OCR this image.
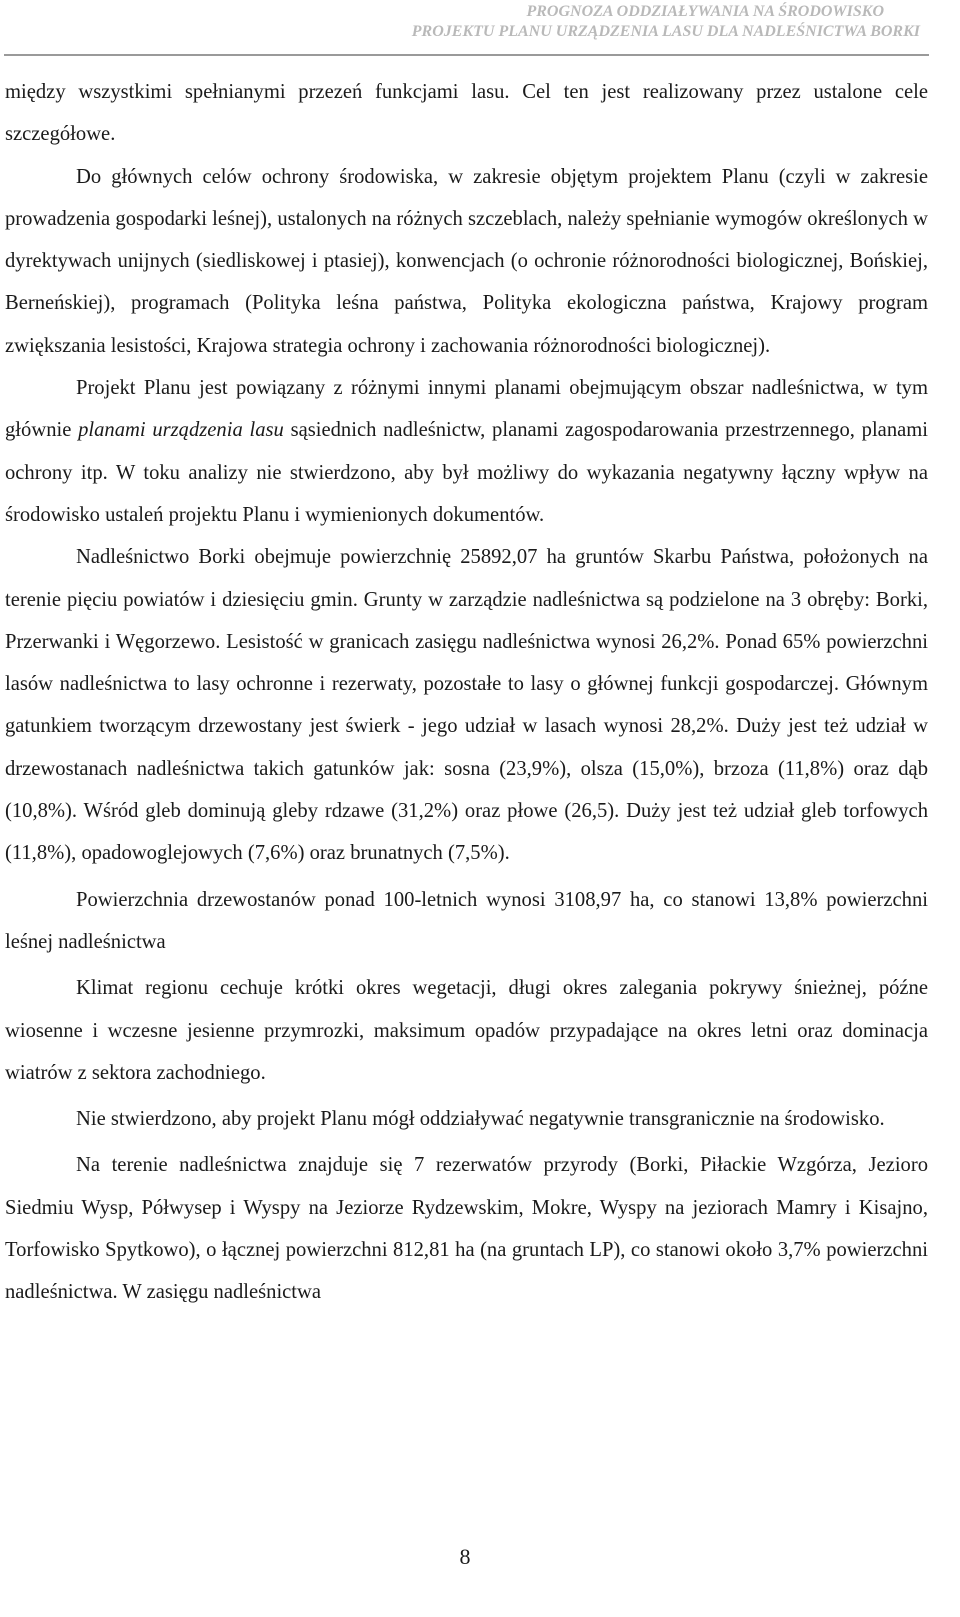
PROGNOZA ODDZIAŁYWANIA NA ŚRODOWISKO
PROJEKTU PLANU URZĄDZENIA LASU DLA NADLEŚNICTWA BORKI

między wszystkimi spełnianymi przezeń funkcjami lasu. Cel ten jest realizowany przez ustalone cele szczegółowe.

Do głównych celów ochrony środowiska, w zakresie objętym projektem Planu (czyli w zakresie prowadzenia gospodarki leśnej), ustalonych na różnych szczeblach, należy spełnianie wymogów określonych w dyrektywach unijnych (siedliskowej i ptasiej), konwencjach (o ochronie różnorodności biologicznej, Bońskiej, Berneńskiej), programach (Polityka leśna państwa, Polityka ekologiczna państwa, Krajowy program zwiększania lesistości, Krajowa strategia ochrony i zachowania różnorodności biologicznej).

Projekt Planu jest powiązany z różnymi innymi planami obejmującym obszar nadleśnictwa, w tym głównie planami urządzenia lasu sąsiednich nadleśnictw, planami zagospodarowania przestrzennego, planami ochrony itp. W toku analizy nie stwierdzono, aby był możliwy do wykazania negatywny łączny wpływ na środowisko ustaleń projektu Planu i wymienionych dokumentów.

Nadleśnictwo Borki obejmuje powierzchnię 25892,07 ha gruntów Skarbu Państwa, położonych na terenie pięciu powiatów i dziesięciu gmin. Grunty w zarządzie nadleśnictwa są podzielone na 3 obręby: Borki, Przerwanki i Węgorzewo. Lesistość w granicach zasięgu nadleśnictwa wynosi 26,2%. Ponad 65% powierzchni lasów nadleśnictwa to lasy ochronne i rezerwaty, pozostałe to lasy o głównej funkcji gospodarczej. Głównym gatunkiem tworzącym drzewostany jest świerk - jego udział w lasach wynosi 28,2%. Duży jest też udział w drzewostanach nadleśnictwa takich gatunków jak: sosna (23,9%), olsza (15,0%), brzoza (11,8%) oraz dąb (10,8%). Wśród gleb dominują gleby rdzawe (31,2%) oraz płowe (26,5). Duży jest też udział gleb torfowych (11,8%), opadowoglejowych (7,6%) oraz brunatnych (7,5%).

Powierzchnia drzewostanów ponad 100-letnich wynosi 3108,97 ha, co stanowi 13,8% powierzchni leśnej nadleśnictwa

Klimat regionu cechuje krótki okres wegetacji, długi okres zalegania pokrywy śnieżnej, późne wiosenne i wczesne jesienne przymrozki, maksimum opadów przypadające na okres letni oraz dominacja wiatrów z sektora zachodniego.

Nie stwierdzono, aby projekt Planu mógł oddziaływać negatywnie transgranicznie na środowisko.

Na terenie nadleśnictwa znajduje się 7 rezerwatów przyrody (Borki, Piłackie Wzgórza, Jezioro Siedmiu Wysp, Półwysep i Wyspy na Jeziorze Rydzewskim, Mokre, Wyspy na jeziorach Mamry i Kisajno, Torfowisko Spytkowo), o łącznej powierzchni 812,81 ha (na gruntach LP), co stanowi około 3,7% powierzchni nadleśnictwa. W zasięgu nadleśnictwa

8
